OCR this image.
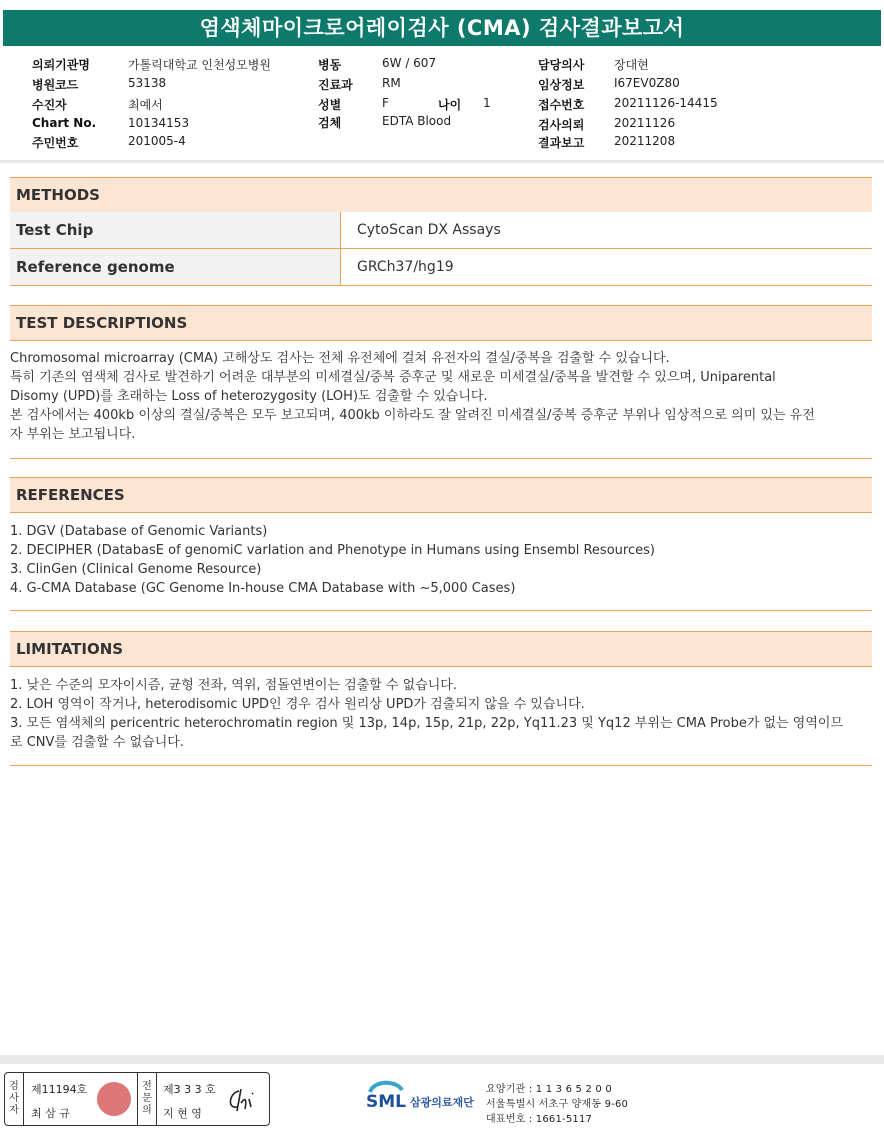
염색체마이크로어레이검사 (CMA) 검사결과보고서
의뢰기관명	가톨릭대학교 인천성모병원
병원코드	53138
수진자	최예서
Chart No.	10134153
주민번호	201005-4
병동	6W / 607
진료과 RM
성별	F	나이 1
검체	EDTA Blood
담당의사 장대현
임상정보 I67EV0Z80
접수번호 20211126-14415
검사의뢰 20211126
결과보고 20211208
METHODS
Test Chip	CytoScan DX Assays
Reference genome	GRCh37/hg19
TEST DESCRIPTIONS

Chromosomal microarray (CMA) 고해상도 검사는 전체 유전체에 걸쳐 유전자의 결실/중복을 검출할 수 있습니다.

특히 기존의 염색체 검사로 발견하기 어려운 대부분의 미세결실/중복 증후군 및 새로운 미세결실/중복을 발견할 수 있으며, Uniparental

Disomy (UPD)를 초래하는 Loss of heterozygosity (LOH)도 검출할 수 있습니다.

본 검사에서는 400kb 이상의 결실/중복은 모두 보고되며, 400kb 이하라도 잘 알려진 미세결실/중복 증후군 부위나 임상적으로 의미 있는 유전

자 부위는 보고됩니다.

REFERENCES

1. DGV (Database of Genomic Variants)

2. DECIPHER (DatabasE of genomiC varIation and Phenotype in Humans using Ensembl Resources)

3. ClinGen (Clinical Genome Resource)

4. G-CMA Database (GC Genome In-house CMA Database with ~5,000 Cases)

LIMITATIONS

1. 낮은 수준의 모자이시즘, 균형 전좌, 역위, 점돌연변이는 검출할 수 없습니다.

2. LOH 영역이 작거나, heterodisomic UPD인 경우 검사 원리상 UPD가 검출되지 않을 수 있습니다.

3. 모든 염색체의 pericentric heterochromatin region 및 13p, 14p, 15p, 21p, 22p, Yq11.23 및 Yq12 부위는 CMA Probe가 없는 영역이므

로 CNV를 검출할 수 없습니다.

검
사
자
제11194호
최 삼 규
전
문
의
제3 3 3 호
지 현 영
SML 삼광의료재단
요양기관 : 1 1 3 6 5 2 0 0
서울특별시 서초구 양재동 9-60
대표번호 : 1661-5117
